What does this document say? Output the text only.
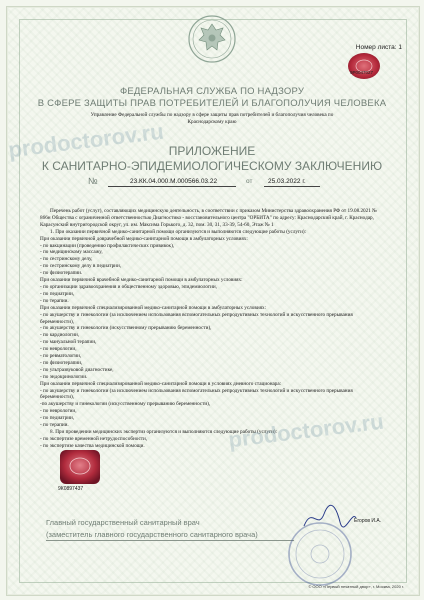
Номер листа: 1
9Р0047027
ФЕДЕРАЛЬНАЯ СЛУЖБА ПО НАДЗОРУ
В СФЕРЕ ЗАЩИТЫ ПРАВ ПОТРЕБИТЕЛЕЙ И БЛАГОПОЛУЧИЯ ЧЕЛОВЕКА
Управление Федеральной службы по надзору в сфере защиты прав потребителей и благополучия человека по
Краснодарскому краю
prodoctorov.ru ПРИЛОЖЕНИЕ
К САНИТАРНО-ЭПИДЕМИОЛОГИЧЕСКОМУ ЗАКЛЮЧЕНИЮ
№	23.КК.04.000.М.000566.03.22	от 25.03.2022 г.

Перечень работ (услуг), составляющих медицинскую деятельность, в соответствии с приказом Министерства здравоохранения РФ от 19.08.2021 № 866н Общества с ограниченной ответственностью Диагностико - восстановительного центра "ОРБИТА" по адресу: Краснодарский край, г. Краснодар, Карасунский внутригородской округ, ул. им. Максима Горького, д. 32, пом. 30, 31, 33-39, 54-60, Этаж № 1

1. При оказании первичной медико-санитарной помощи организуются и выполняются следующие работы (услуги):

При оказании первичной доврачебной медико-санитарной помощи в амбулаторных условиях:

- по вакцинации (проведению профилактических прививок),

- по медицинскому массажу,

- по сестринскому делу,

- по сестринскому делу в педиатрии,

- по физиотерапии.

При оказании первичной врачебной медико-санитарной помощи в амбулаторных условиях:

- по организации здравоохранения и общественному здоровью, эпидемиологии,

- по педиатрии,

- по терапии.

При оказании первичной специализированной медико-санитарной помощи в амбулаторных условиях:

- по акушерству и гинекологии (за исключением использования вспомогательных репродуктивных технологий и искусственного прерывания беременности),

- по акушерству и гинекологии (искусственному прерыванию беременности),

- по кардиологии,

- по мануальной терапии,

- по неврологии,

- по ревматологии,

- по физиотерапии,

- по ультразвуковой диагностике,

- по эндокринологии.

При оказании первичной специализированной медико-санитарной помощи в условиях дневного стационара:

- по акушерству и гинекологии (за исключением использования вспомогательных репродуктивных технологий и искусственного прерывания беременности),

-по акушерству и гинекологии (искусственному прерыванию беременности),

- по неврологии,

- по педиатрии,

- по терапии.

8. При проведении медицинских экспертиз организуются и выполняются следующие работы (услуги):

- по экспертизе временной нетрудоспособности,

- по экспертизе качества медицинской помощи.	prodoctorov.ru
9К0897437
Главный государственный санитарный врач
(заместитель главного государственного санитарного врача)
Егоров И.А.
© ООО «Первый печатный двор», г. Москва, 2020 г.
